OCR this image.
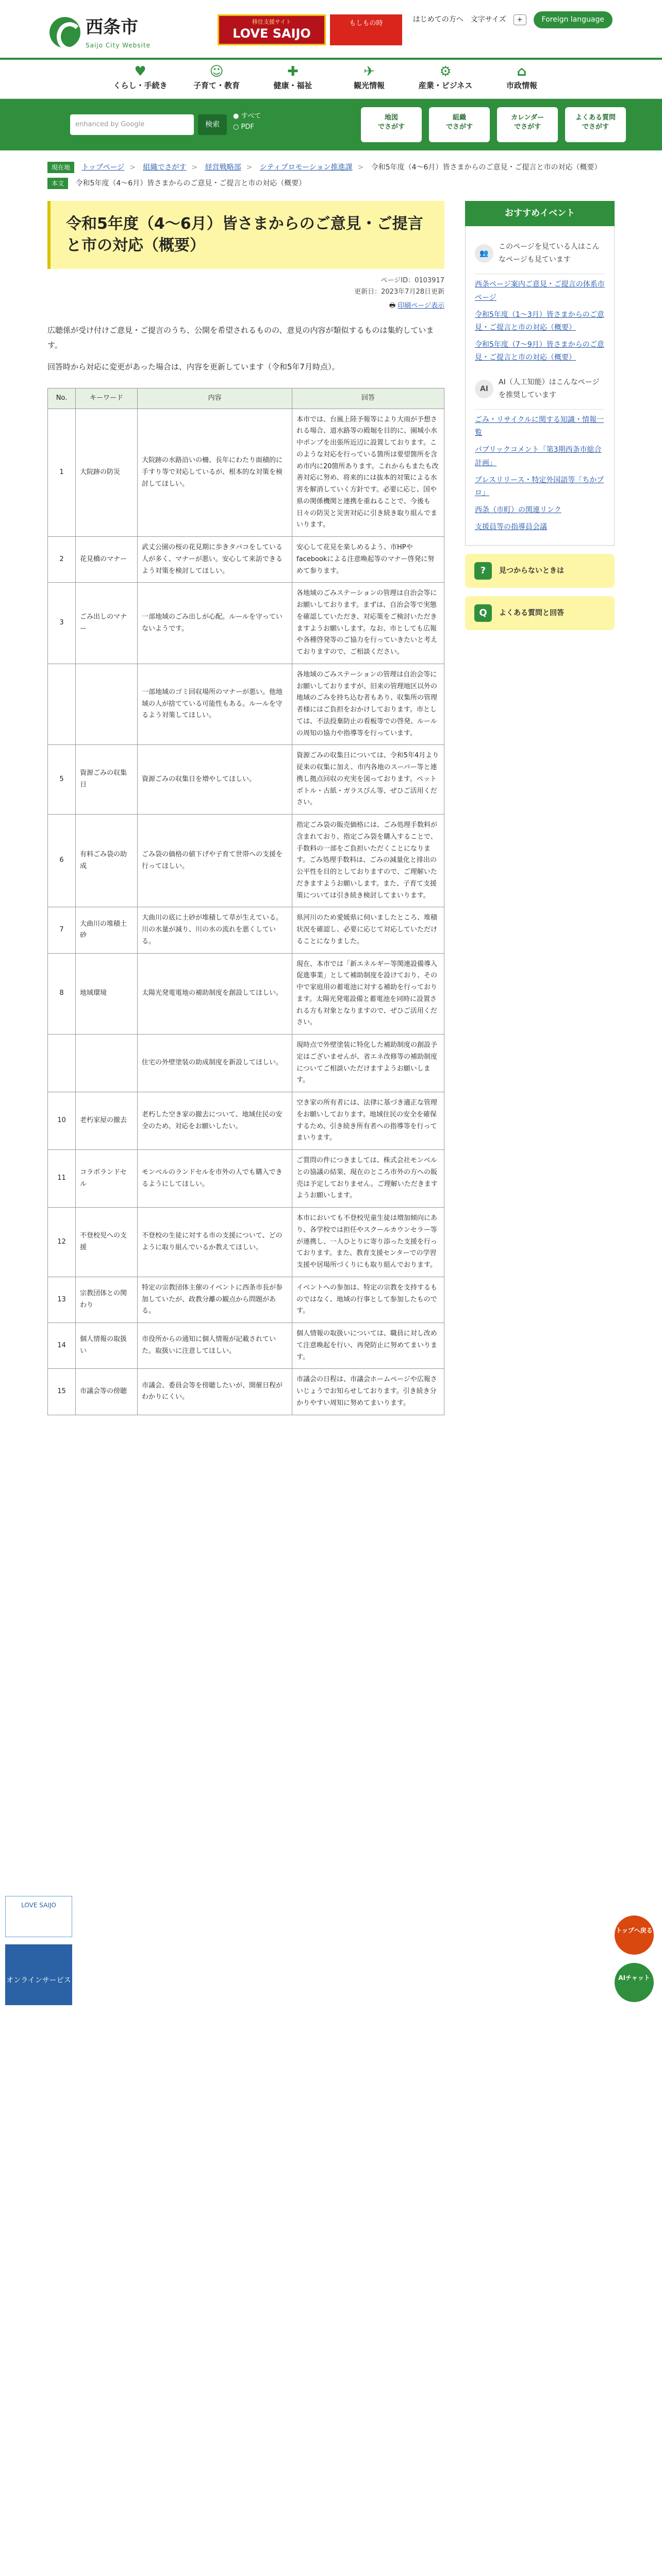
西条市
Saijo City Website
移住支援サイト
LOVE SAIJO
もしもの時	はじめての方へ 文字サイズ	+	Foreign language
♥
くらし・手続き
☺
子育て・教育
✚
健康・福祉
✈
観光情報
⚙
産業・ビジネス
⌂
市政情報
enhanced by Google	検索
● すべて
○ PDF
地図
でさがす
組織
でさがす
カレンダー
でさがす
よくある質問
でさがす
現在地 トップページ > 組織でさがす > 経営戦略部 > シティプロモーション推進課 > 令和5年度（4～6月）皆さまからのご意見・ご提言と市の対応（概要）
本文 令和5年度（4～6月）皆さまからのご意見・ご提言と市の対応（概要）
令和5年度（4～6月）皆さまからのご意見・ご提言と市の対応（概要）
ページID：0103917
更新日：2023年7月28日更新
🖶 印刷ページ表示

広聴係が受け付けご意見・ご提言のうち、公開を希望されるものの、意見の内容が類似するものは集約しています。

回答時から対応に変更があった場合は、内容を更新しています（令和5年7月時点）。

No.	キーワード	内容	回答
1	大院跡の防災	大院跡の水路沿いの柵、長年にわたり面積的に手すり等で対応しているが、根本的な対策を検討してほしい。	本市では、台風上陸予報等により大雨が予想される場合、道水路等の殿堀を目的に、園城小水中ポンプを出張所近辺に設置しております。このような対応を行っている箇所は要望箇所を含め市内に20箇所あります。これからもまたも改善対応に努め、将来的には抜本的対策による水害を解消していく方針です。必要に応じ、国や県の関係機関と連携を重ねることで、今後も日々の防災と災害対応に引き続き取り組んでまいります。
2	花見橋のマナー	武丈公園の桜の花見期に歩きタバコをしている人が多く、マナーが悪い。安心して来訪できるよう対策を検討してほしい。	安心して花見を楽しめるよう、市HPやfacebookによる注意喚起等のマナー啓発に努めて参ります。
3	ごみ出しのマナー	一部地域のごみ出しが心配。ルールを守っていないようです。	各地域のごみステーションの管理は自治会等にお願いしております。まずは、自治会等で実態を確認していただき、対応策をご検討いただきますようお願いします。なお、市としても広報や各種啓発等のご協力を行っていきたいと考えておりますので、ご相談ください。
		一部地域のゴミ回収場所のマナーが悪い。他地域の人が捨てている可能性もある。ルールを守るよう対策してほしい。	各地域のごみステーションの管理は自治会等にお願いしておりますが、旧来の管理地区以外の地域のごみを持ち込む者もあり、収集所の管理者様にはご負担をおかけしております。市としては、不法投棄防止の看板等での啓発、ルールの周知の協力や指導等を行っています。
5	資源ごみの収集日	資源ごみの収集日を増やしてほしい。	資源ごみの収集日については、令和5年4月より従来の収集に加え、市内各地のスーパー等と連携し拠点回収の充実を図っております。ペットボトル・古紙・ガラスびん等、ぜひご活用ください。
6	有料ごみ袋の助成	ごみ袋の価格の値下げや子育て世帯への支援を行ってほしい。	指定ごみ袋の販売価格には、ごみ処理手数料が含まれており、指定ごみ袋を購入することで、手数料の一部をご負担いただくことになります。ごみ処理手数料は、ごみの減量化と排出の公平性を目的としておりますので、ご理解いただきますようお願いします。また、子育て支援策については引き続き検討してまいります。
7	大曲川の堆積土砂	大曲川の底に土砂が堆積して草が生えている。川の水量が減り、川の水の流れを悪くしている。	県河川のため愛媛県に伺いましたところ、堆積状況を確認し、必要に応じて対応していただけることになりました。
8	地域環境	太陽光発電電地の補助制度を創設してほしい。	現在、本市では「新エネルギー等関連設備導入促進事業」として補助制度を設けており、その中で家庭用の蓄電池に対する補助を行っております。太陽光発電設備と蓄電池を同時に設置される方も対象となりますので、ぜひご活用ください。
		住宅の外壁塗装の助成制度を新設してほしい。	現時点で外壁塗装に特化した補助制度の創設予定はございませんが、省エネ改修等の補助制度についてご相談いただけますようお願いします。
10	老朽家屋の撤去	老朽した空き家の撤去について、地域住民の安全のため、対応をお願いしたい。	空き家の所有者には、法律に基づき適正な管理をお願いしております。地域住民の安全を確保するため、引き続き所有者への指導等を行ってまいります。
11	コラボランドセル	モンベルのランドセルを市外の人でも購入できるようにしてほしい。	ご質問の件につきましては、株式会社モンベルとの協議の結果、現在のところ市外の方への販売は予定しておりません。ご理解いただきますようお願いします。
12	不登校児への支援	不登校の生徒に対する市の支援について、どのように取り組んでいるか教えてほしい。	本市においても不登校児童生徒は増加傾向にあり、各学校では担任やスクールカウンセラー等が連携し、一人ひとりに寄り添った支援を行っております。また、教育支援センターでの学習支援や居場所づくりにも取り組んでおります。
13	宗教団体との関わり	特定の宗教団体主催のイベントに西条市長が参加していたが、政教分離の観点から問題がある。	イベントへの参加は、特定の宗教を支持するものではなく、地域の行事として参加したものです。
14	個人情報の取扱い	市役所からの通知に個人情報が記載されていた。取扱いに注意してほしい。	個人情報の取扱いについては、職員に対し改めて注意喚起を行い、再発防止に努めてまいります。
15	市議会等の傍聴	市議会、委員会等を傍聴したいが、開催日程がわかりにくい。	市議会の日程は、市議会ホームページや広報さいじょうでお知らせしております。引き続き分かりやすい周知に努めてまいります。
おすすめイベント
👥
このページを見ている人はこんなページも見ています
西条ページ案内ご意見・ご提言の体系市ページ
令和5年度（1～3月）皆さまからのご意見・ご提言と市の対応（概要）
令和5年度（7～9月）皆さまからのご意見・ご提言と市の対応（概要）
AI
AI（人工知能）はこんなページを推奨しています
ごみ・リサイクルに関する知識・情報一覧
パブリックコメント「第3期西条市総合計画」
プレスリリース・特定外国語等「ちかプロ」
西条（市町）の関連リンク
支援員等の指導員会議
?	見つからないときは
Q	よくある質問と回答
LOVE SAIJO
オンラインサービス
トップへ戻る
AIチャット
